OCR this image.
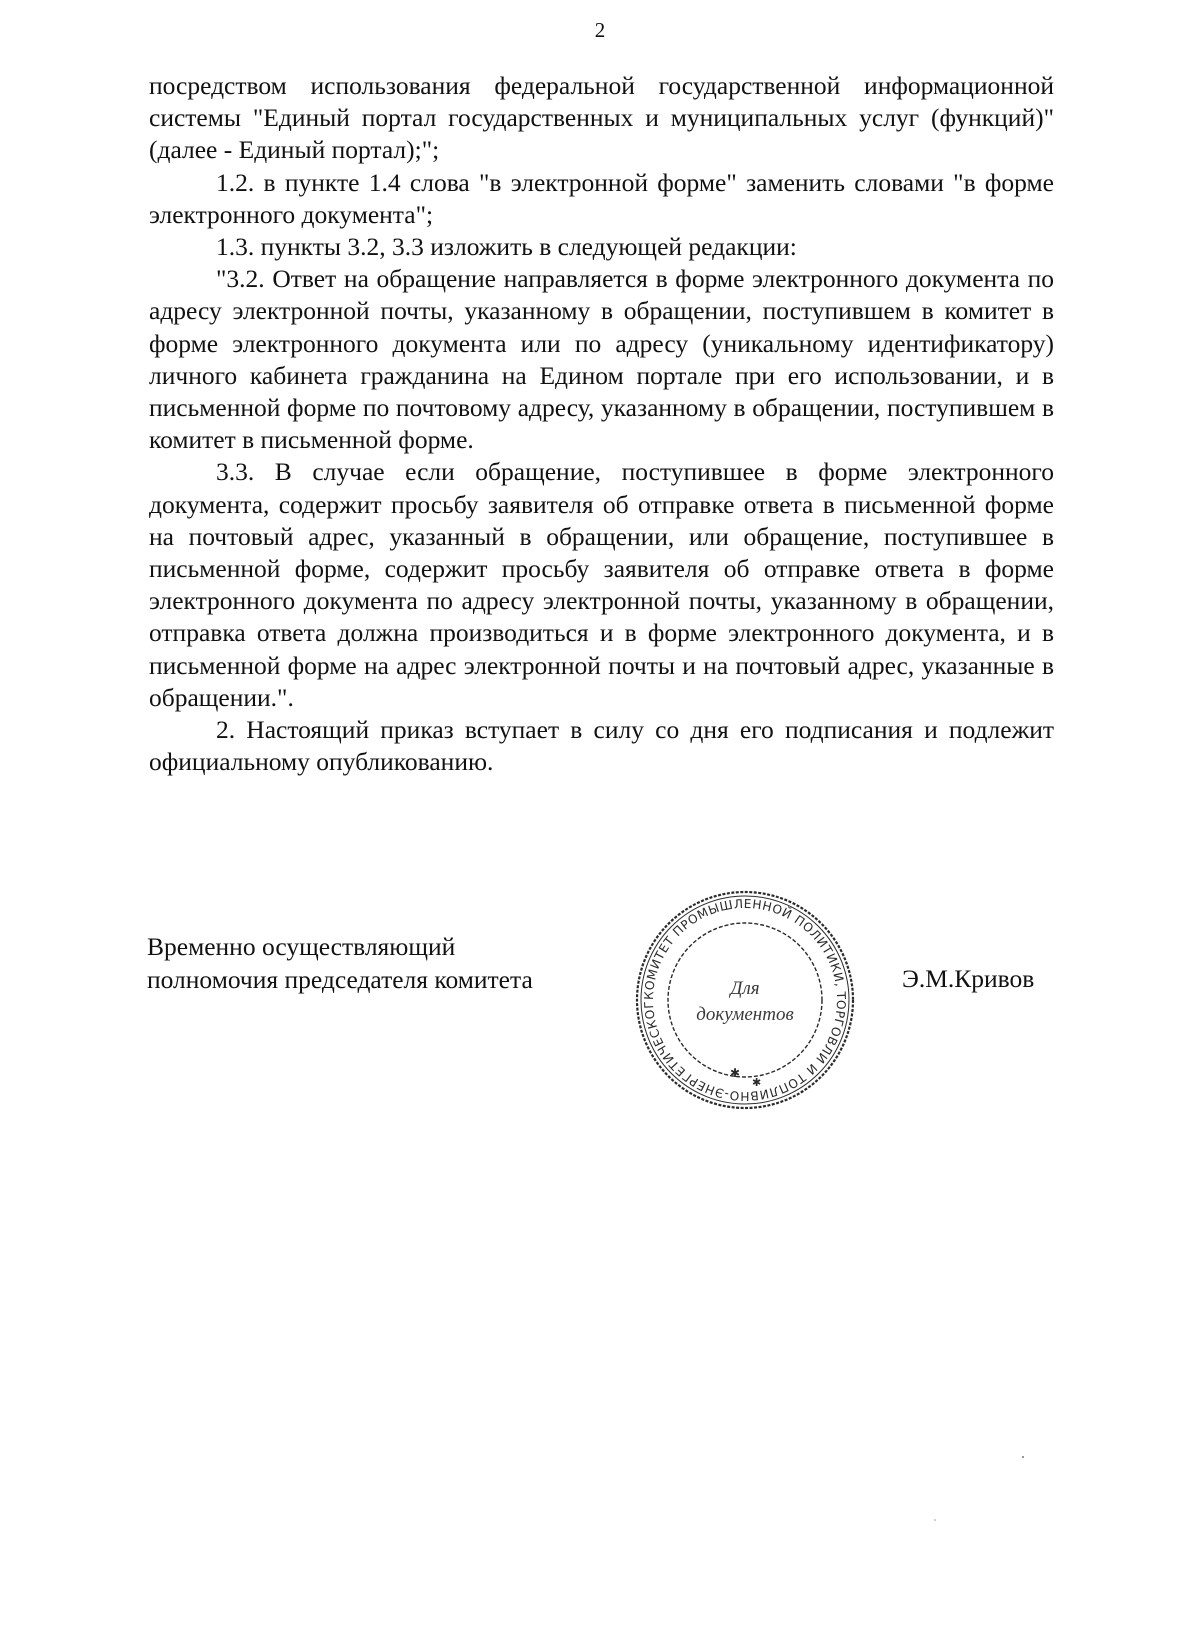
2

посредством использования федеральной государственной информационной системы "Единый портал государственных и муниципальных услуг (функций)" (далее - Единый портал);";

1.2. в пункте 1.4 слова "в электронной форме" заменить словами "в форме электронного документа";

1.3. пункты 3.2, 3.3 изложить в следующей редакции:

"3.2. Ответ на обращение направляется в форме электронного документа по адресу электронной почты, указанному в обращении, поступившем в комитет в форме электронного документа или по адресу (уникальному идентификатору) личного кабинета гражданина на Едином портале при его использовании, и в письменной форме по почтовому адресу, указанному в обращении, поступившем в комитет в письменной форме.

3.3. В случае если обращение, поступившее в форме электронного документа, содержит просьбу заявителя об отправке ответа в письменной форме на почтовый адрес, указанный в обращении, или обращение, поступившее в письменной форме, содержит просьбу заявителя об отправке ответа в форме электронного документа по адресу электронной почты, указанному в обращении, отправка ответа должна производиться и в форме электронного документа, и в письменной форме на адрес электронной почты и на почтовый адрес, указанные в обращении.".

2. Настоящий приказ вступает в силу со дня его подписания и подлежит официальному опубликованию.

Временно осуществляющий
полномочия председателя комитета	Э.М.Кривов
КОМИТЕТ ПРОМЫШЛЕННОЙ ПОЛИТИКИ, ТОРГОВЛИ И ТОПЛИВНО-ЭНЕРГЕТИЧЕСКОГ
Для
документов
✱
✱
